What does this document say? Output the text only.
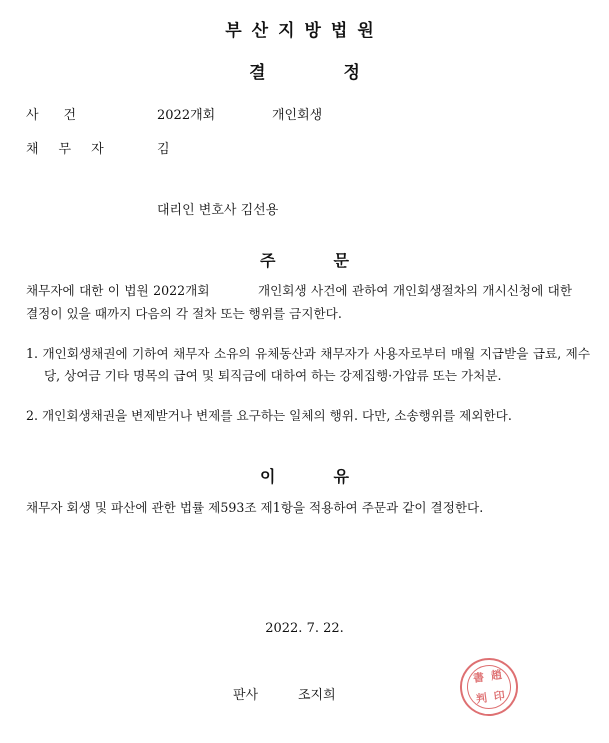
부산지방법원
결정
사건	2022개회	개인회생
채무자	김
대리인 변호사 김선용
주문
채무자에 대한 이 법원 2022개회           개인회생 사건에 관하여 개인회생절차의 개시신청에 대한 결정이 있을 때까지 다음의 각 절차 또는 행위를 금지한다.
1. 개인회생채권에 기하여 채무자 소유의 유체동산과 채무자가 사용자로부터 매월 지급받을 급료, 제수당, 상여금 기타 명목의 급여 및 퇴직금에 대하여 하는 강제집행·가압류 또는 가처분.
2. 개인회생채권을 변제받거나 변제를 요구하는 일체의 행위. 다만, 소송행위를 제외한다.
이유
채무자 회생 및 파산에 관한 법률 제593조 제1항을 적용하여 주문과 같이 결정한다.
2022. 7. 22.
판사	조지희
書 趙
判 印
